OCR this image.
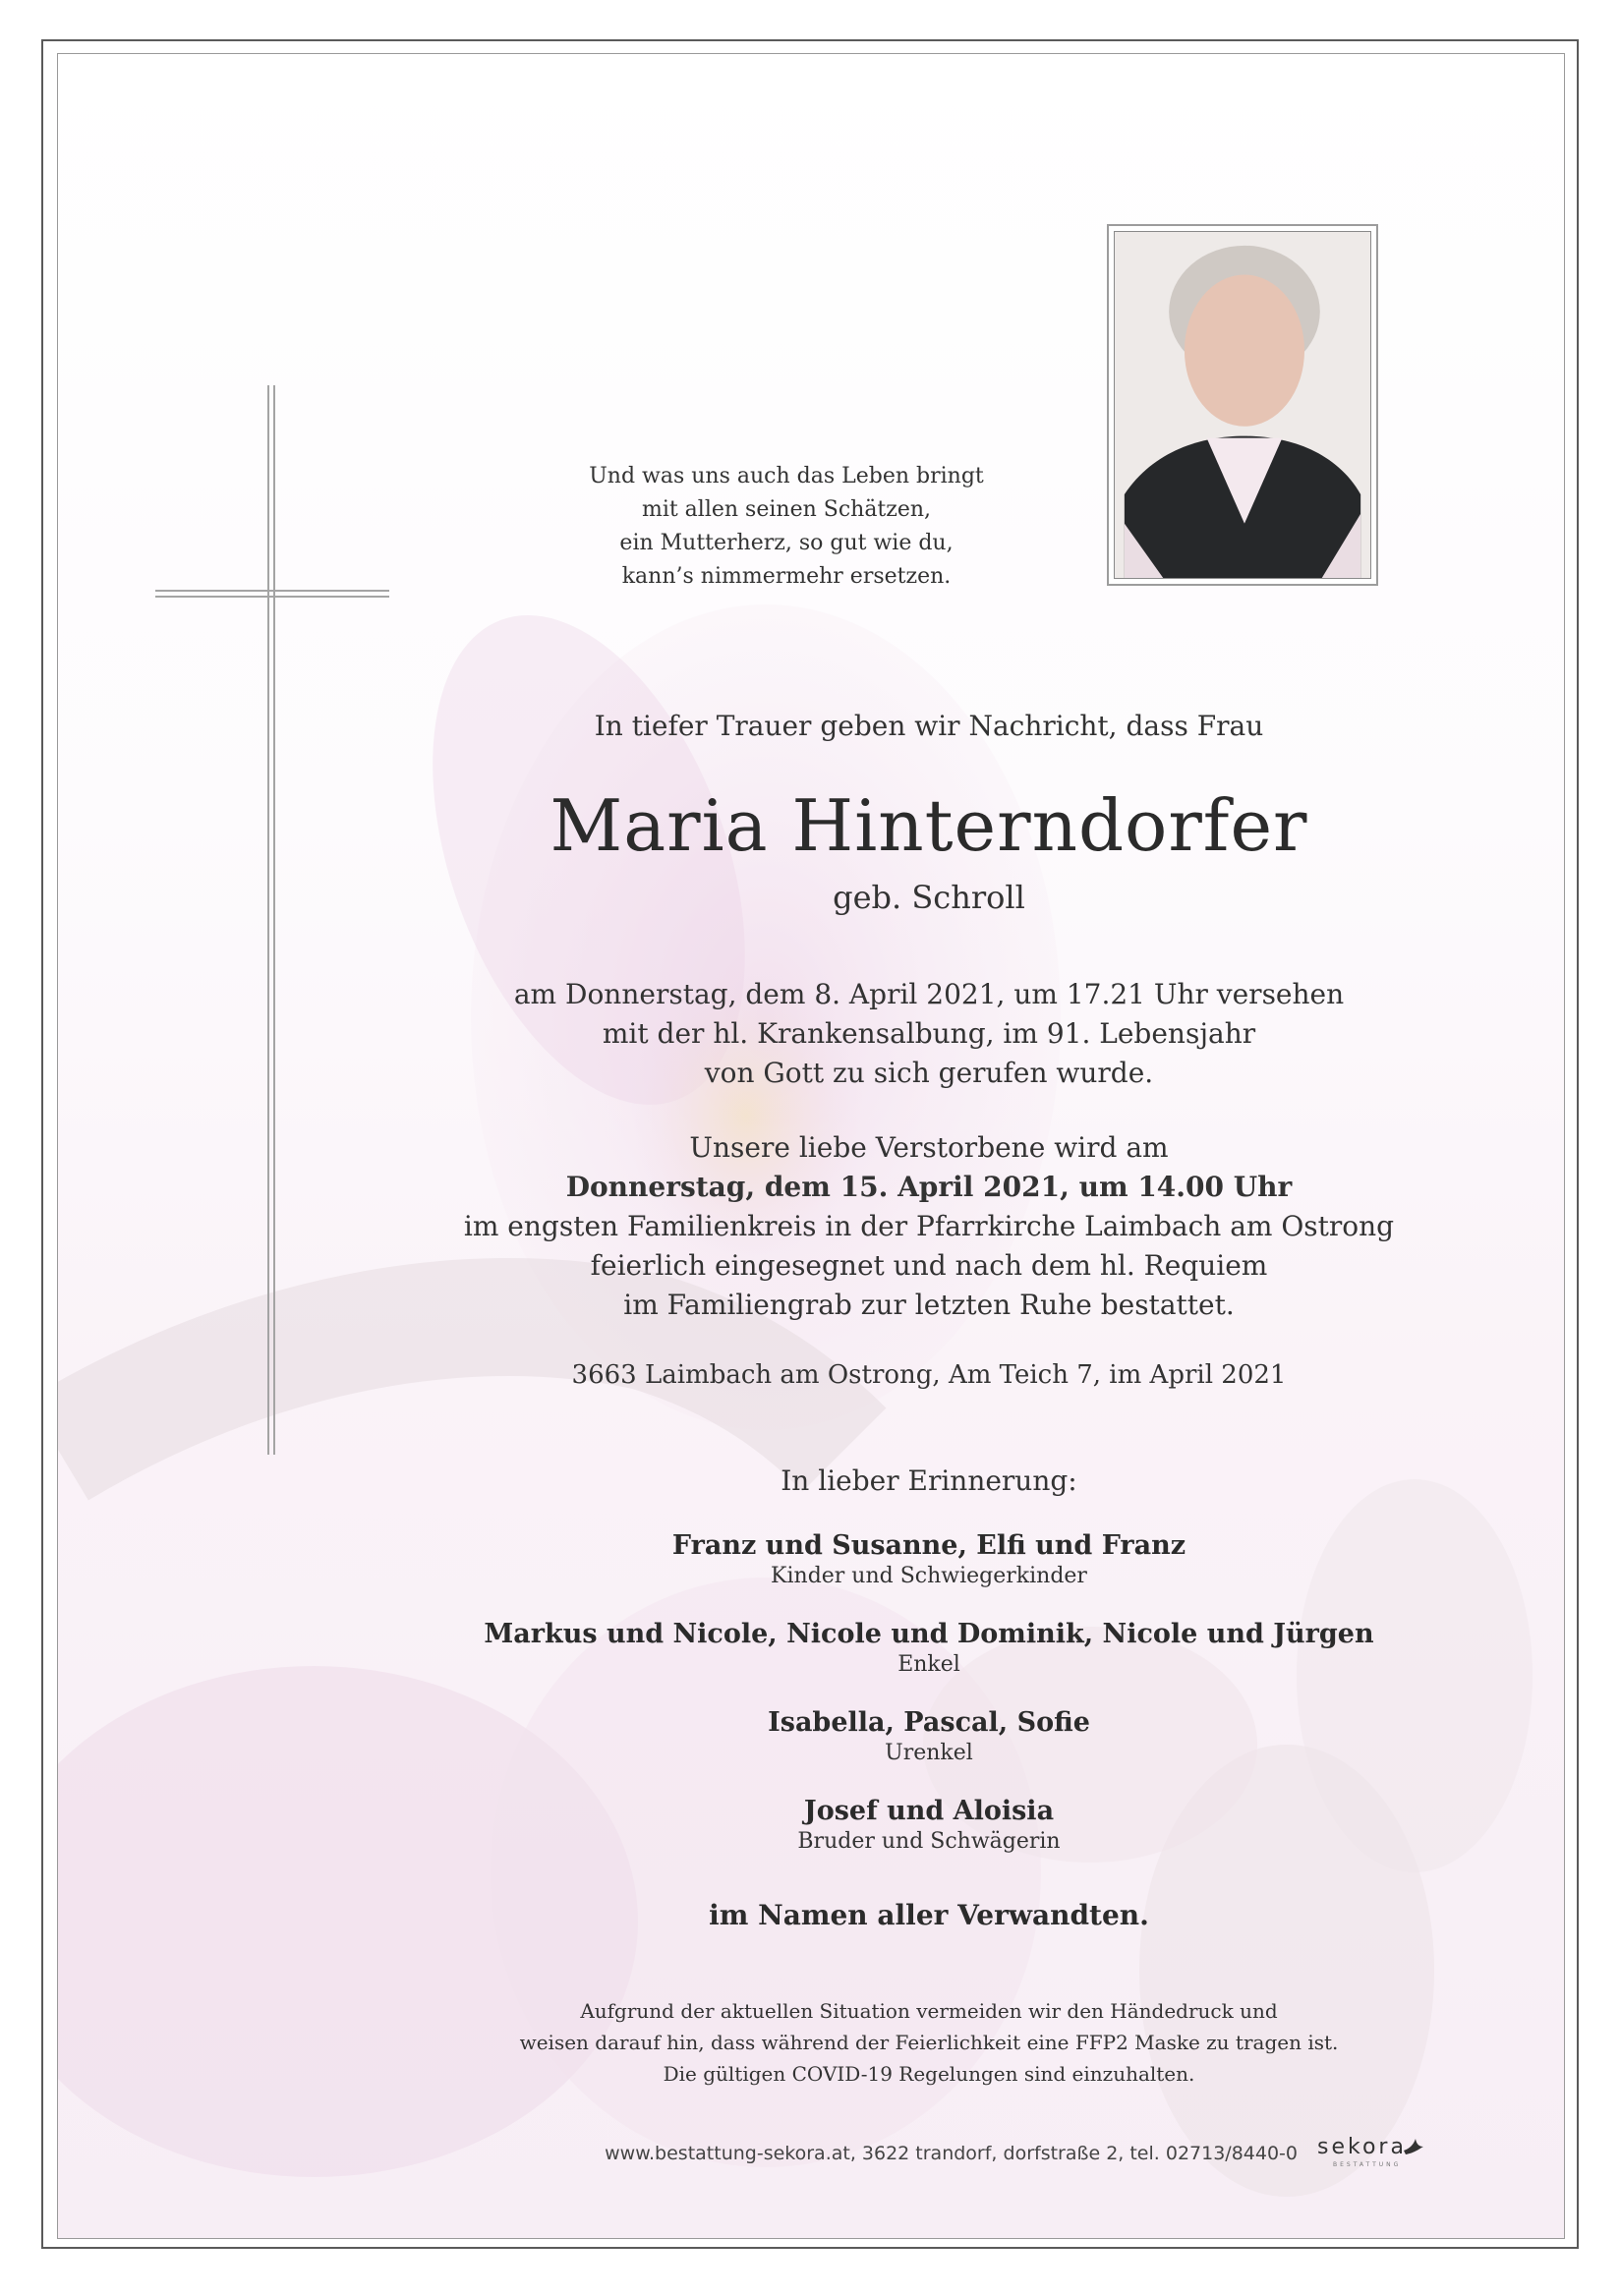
Und was uns auch das Leben bringt
mit allen seinen Schätzen,
ein Mutterherz, so gut wie du,
kann’s nimmermehr ersetzen.
In tiefer Trauer geben wir Nachricht, dass Frau
Maria Hinterndorfer
geb. Schroll
am Donnerstag, dem 8. April 2021, um 17.21 Uhr versehen
mit der hl. Krankensalbung, im 91. Lebensjahr
von Gott zu sich gerufen wurde.
Unsere liebe Verstorbene wird am
Donnerstag, dem 15. April 2021, um 14.00 Uhr
im engsten Familienkreis in der Pfarrkirche Laimbach am Ostrong
feierlich eingesegnet und nach dem hl. Requiem
im Familiengrab zur letzten Ruhe bestattet.
3663 Laimbach am Ostrong, Am Teich 7, im April 2021
In lieber Erinnerung:
Franz und Susanne, Elfi und Franz
Kinder und Schwiegerkinder
Markus und Nicole, Nicole und Dominik, Nicole und Jürgen
Enkel
Isabella, Pascal, Sofie
Urenkel
Josef und Aloisia
Bruder und Schwägerin
im Namen aller Verwandten.
Aufgrund der aktuellen Situation vermeiden wir den Händedruck und
weisen darauf hin, dass während der Feierlichkeit eine FFP2 Maske zu tragen ist.
Die gültigen COVID-19 Regelungen sind einzuhalten.
www.bestattung-sekora.at, 3622 trandorf, dorfstraße 2, tel. 02713/8440-0 sekora
BESTATTUNG
